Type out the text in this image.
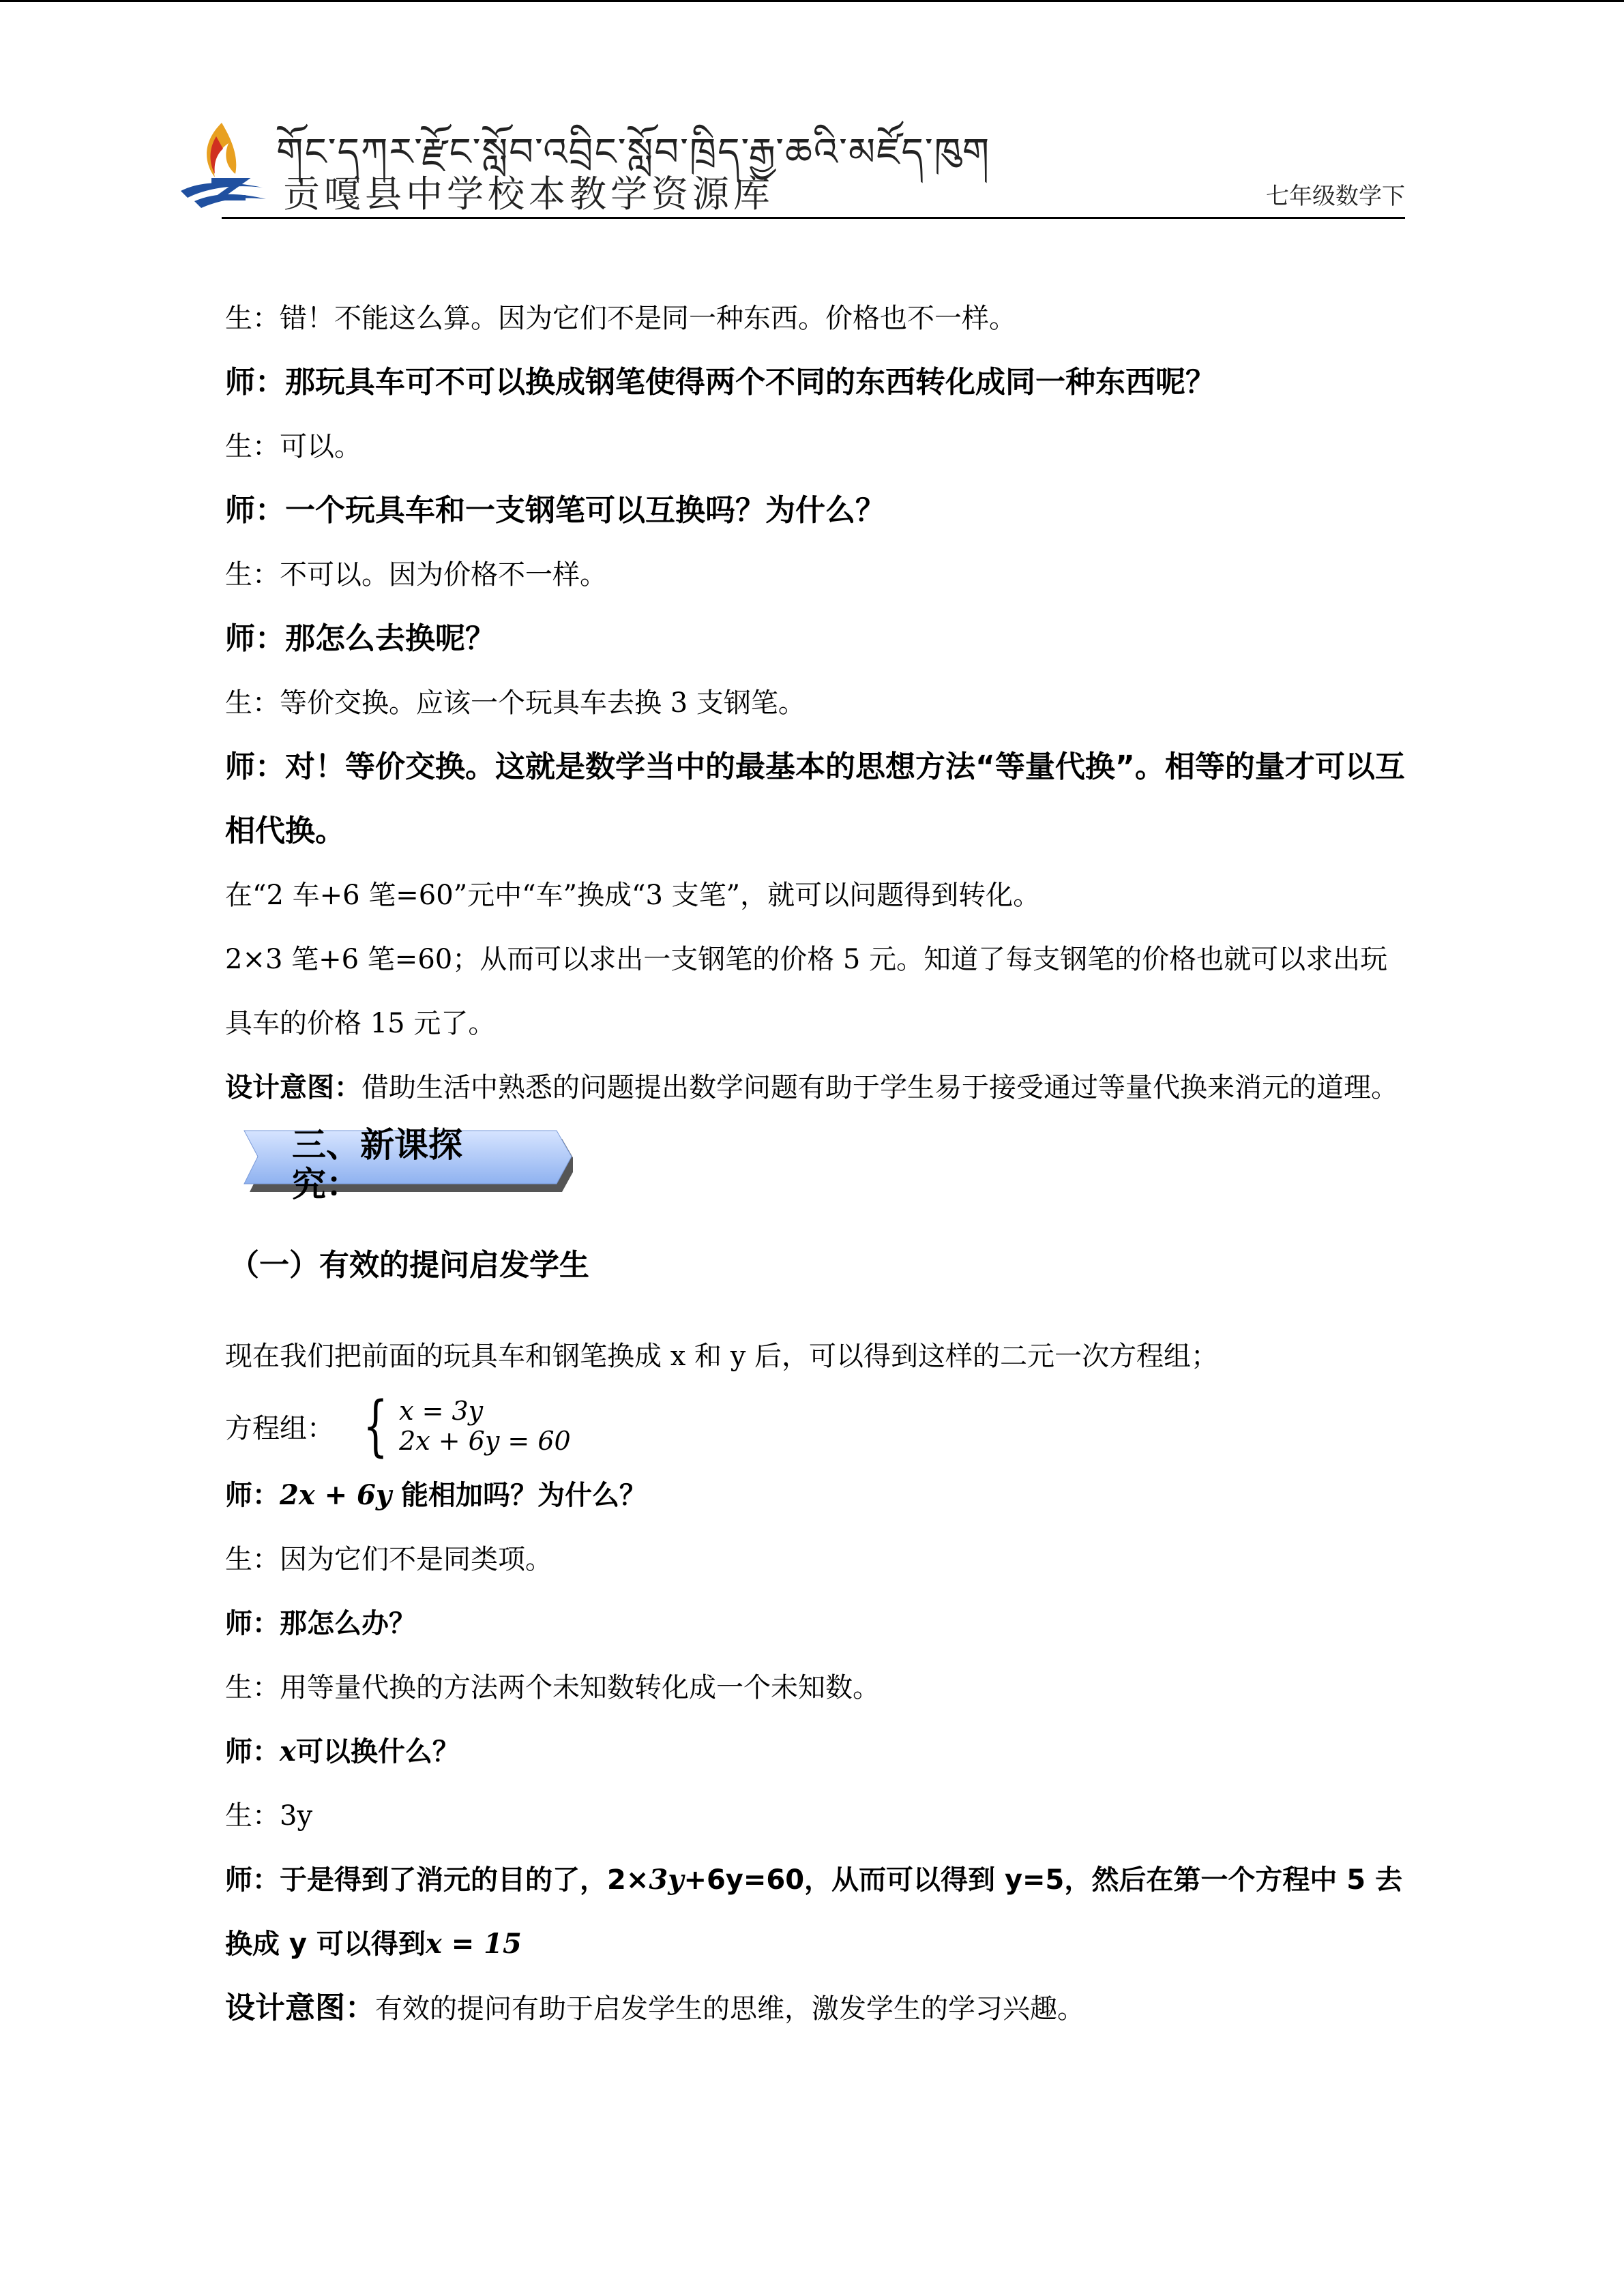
གོང་དཀར་རྫོང་སློབ་འབྲིང་སློབ་ཁྲིད་རྒྱ་ཆའི་མཛོད་ཁུག
贡嘎县中学校本教学资源库	七年级数学下

生：错！不能这么算。因为它们不是同一种东西。价格也不一样。

师：那玩具车可不可以换成钢笔使得两个不同的东西转化成同一种东西呢？

生：可以。

师：一个玩具车和一支钢笔可以互换吗？为什么？

生：不可以。因为价格不一样。

师：那怎么去换呢？

生：等价交换。应该一个玩具车去换 3 支钢笔。

师：对！等价交换。这就是数学当中的最基本的思想方法“等量代换”。相等的量才可以互相代换。

在“2 车+6 笔=60”元中“车”换成“3 支笔”，就可以问题得到转化。

2×3 笔+6 笔=60；从而可以求出一支钢笔的价格 5 元。知道了每支钢笔的价格也就可以求出玩具车的价格 15 元了。

设计意图：借助生活中熟悉的问题提出数学问题有助于学生易于接受通过等量代换来消元的道理。

三、新课探究：

（一）有效的提问启发学生

现在我们把前面的玩具车和钢笔换成 x 和 y 后，可以得到这样的二元一次方程组；

方程组： { x = 3y
2x + 6y = 60

师：2x + 6y 能相加吗？为什么？

生：因为它们不是同类项。

师：那怎么办？

生：用等量代换的方法两个未知数转化成一个未知数。

师：x可以换什么？

生：3y

师：于是得到了消元的目的了，2×3y+6y=60，从而可以得到 y=5，然后在第一个方程中 5 去换成 y 可以得到x = 15

设计意图：有效的提问有助于启发学生的思维，激发学生的学习兴趣。
